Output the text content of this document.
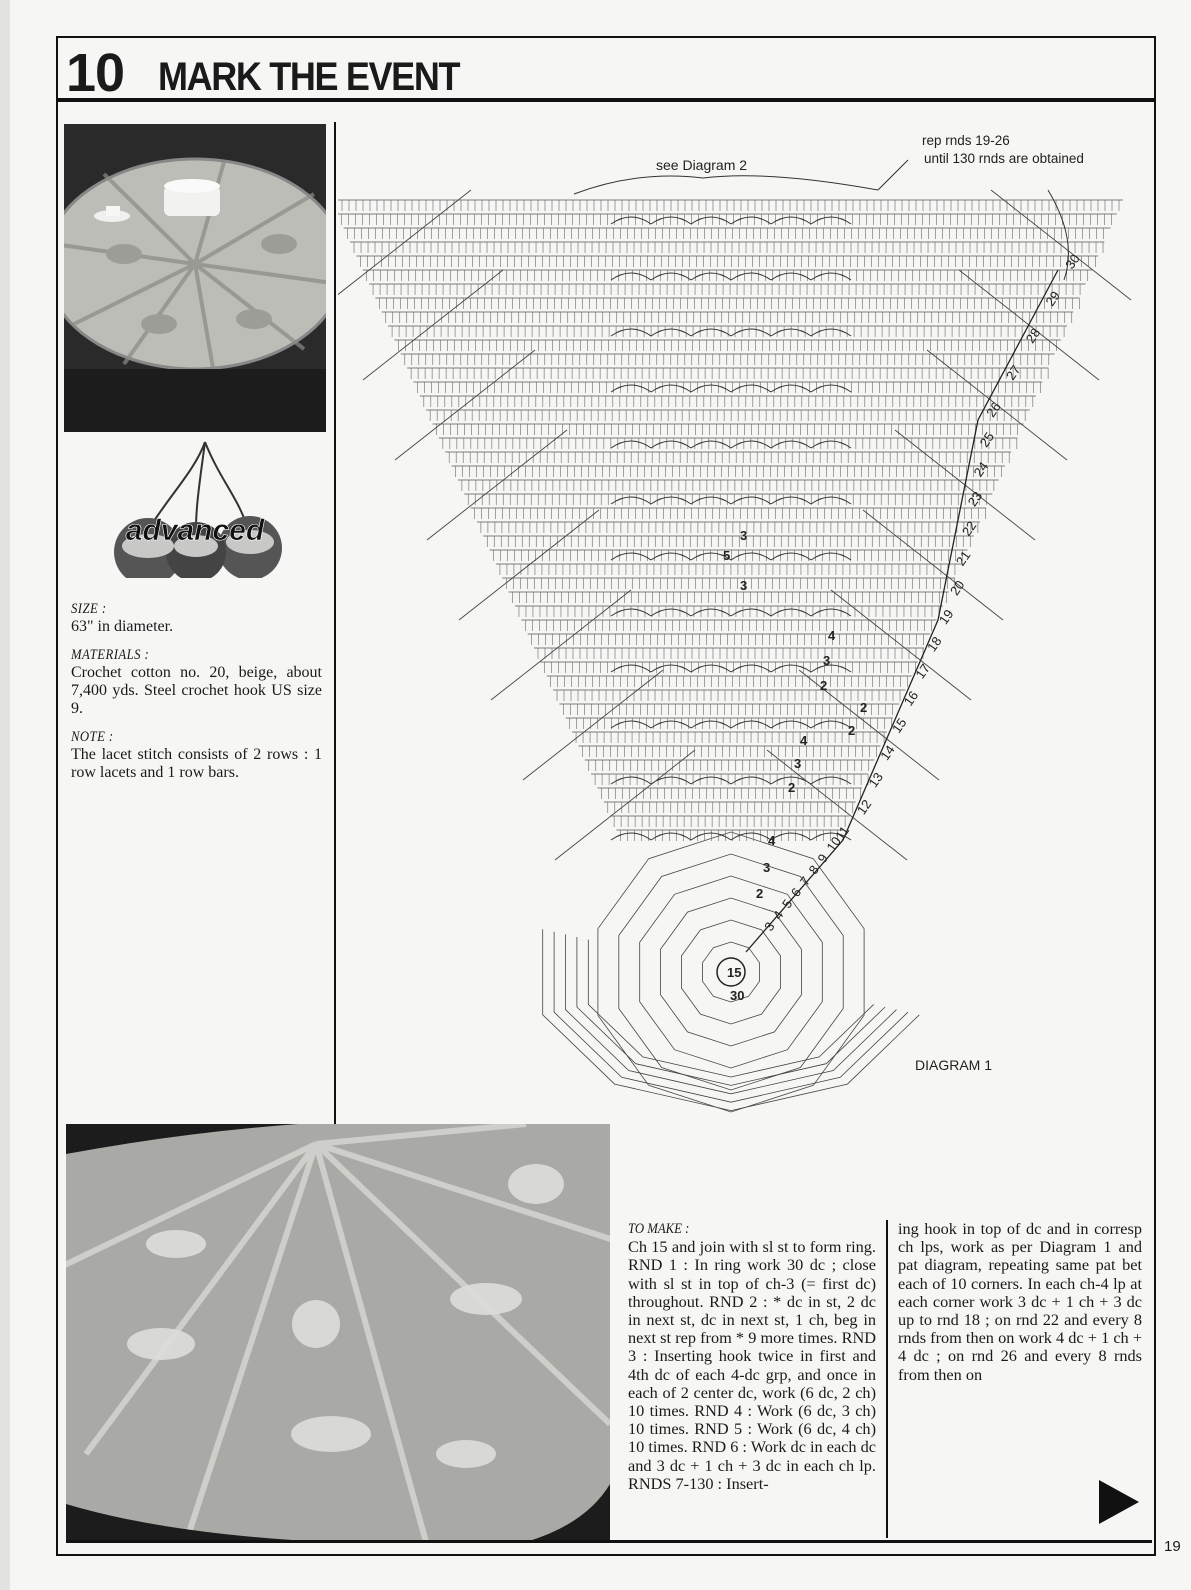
10 MARK THE EVENT
advanced
SIZE :
63" in diameter.
MATERIALS :
Crochet cotton no. 20, beige, about 7,400 yds. Steel crochet hook US size 9.
NOTE :
The lacet stitch consists of 2 rows : 1 row lacets and 1 row bars.
15
30
3
4
5
6
7
8
9
10
11
12
13
14
15
16
17
18
19
20
21
22
23
24
25
26
27
28
29
30
3
5
3
4
3
2
4
3
2
4
3
2
2
2
see Diagram 2
rep rnds 19-26
until 130 rnds are obtained
DIAGRAM 1
TO MAKE :
Ch 15 and join with sl st to form ring. RND 1 : In ring work 30 dc ; close with sl st in top of ch-3 (= first dc) throughout. RND 2 : * dc in st, 2 dc in next st, dc in next st, 1 ch, beg in next st rep from * 9 more times. RND 3 : Inserting hook twice in first and 4th dc of each 4-dc grp, and once in each of 2 center dc, work (6 dc, 2 ch) 10 times. RND 4 : Work (6 dc, 3 ch) 10 times. RND 5 : Work (6 dc, 4 ch) 10 times. RND 6 : Work dc in each dc and 3 dc + 1 ch + 3 dc in each ch lp. RNDS 7-130 : Insert-
ing hook in top of dc and in corresp ch lps, work as per Diagram 1 and pat diagram, repeating same pat bet each of 10 corners. In each ch-4 lp at each corner work 3 dc + 1 ch + 3 dc up to rnd 18 ; on rnd 22 and every 8 rnds from then on work 4 dc + 1 ch + 4 dc ; on rnd 26 and every 8 rnds from then on
19
